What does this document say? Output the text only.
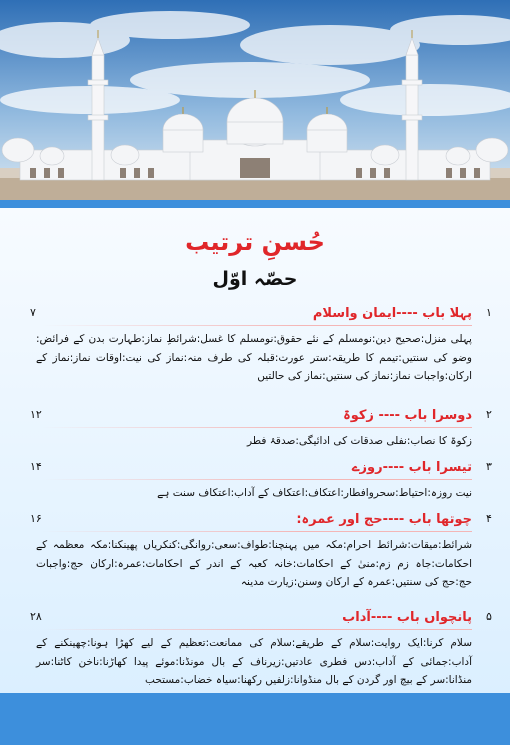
حُسنِ ترتیب
حصّہ اوّل
۱
۷	پہلا باب ----ایمان واسلام
پہلی منزل:صحیح دین:نومسلم کے نئے حقوق:نومسلم کا غسل:شرائطِ نماز:طہارت بدن کے فرائض: وضو کی سنتیں:تیمم کا طریقہ:ستر عورت:قبلہ کی طرف منہ:نماز کی نیت:اوقات نماز:نماز کے ارکان:واجبات نماز:نماز کی سنتیں:نماز کی حالتیں
۲
۱۲	دوسرا باب ---- زکوۃ
زکوۃ کا نصاب:نفلی صدقات کی ادائیگی:صدقۂ فطر
۳
۱۴	تیسرا باب ----روزے
نیت روزہ:احتیاط:سحروافطار:اعتکاف:اعتکاف کے آداب:اعتکاف سنت ہے
۴
۱۶	چوتھا باب ----حج اور عمرہ:
شرائط:میقات:شرائط احرام:مکہ میں پہنچنا:طواف:سعی:روانگی:کنکریاں پھینکنا:مکہ معظمہ کے احکامات:جاہ زم زم:منیٰ کے احکامات:خانہ کعبہ کے اندر کے احکامات:عمرہ:ارکان حج:واجبات حج:حج کی سنتیں:عمرہ کے ارکان وسنن:زیارت مدینہ
۵
۲۸	پانچواں باب ----آداب
سلام کرنا:ایک روایت:سلام کے طریقے:سلام کی ممانعت:تعظیم کے لیے کھڑا ہونا:چھینکنے کے آداب:جمائی کے آداب:دس فطری عادتیں:زیرناف کے بال مونڈنا:موئے پیدا کھاڑنا:ناخن کاٹنا:سر منڈانا:سر کے بیچ اور گردن کے بال منڈوانا:زلفیں رکھنا:سیاہ خضاب:مستحب
